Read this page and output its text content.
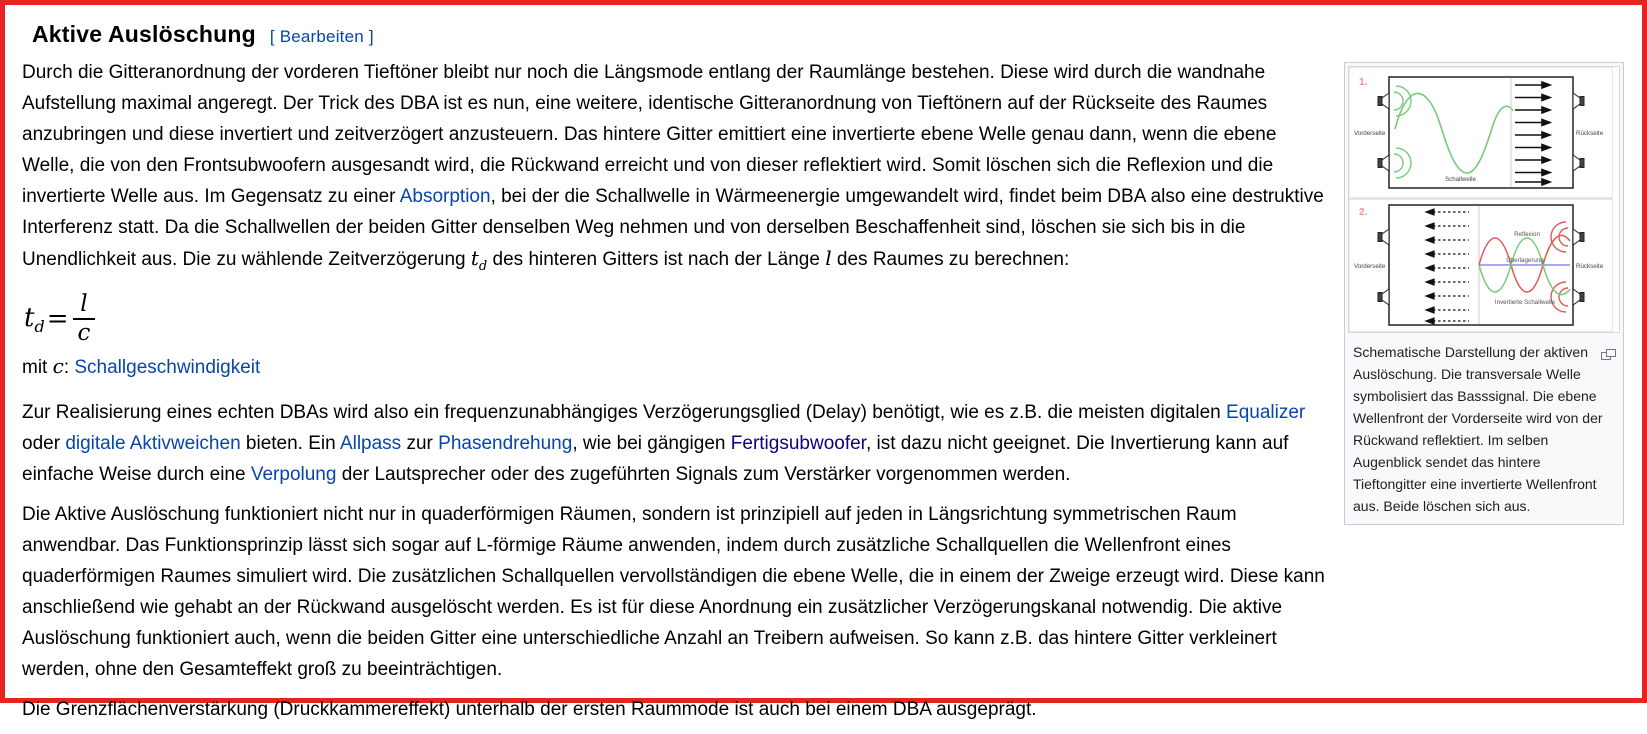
Aktive Auslöschung [ Bearbeiten ]
1.
Vorderseite	Rückseite
Schallwelle
2.
Vorderseite	Rückseite
Reflexion
Überlagerung
Invertierte Schallwelle
Schematische Darstellung der aktiven Auslöschung. Die transversale Welle symbolisiert das Basssignal. Die ebene Wellenfront der Vorderseite wird von der Rückwand reflektiert. Im selben Augenblick sendet das hintere Tieftongitter eine invertierte Wellenfront aus. Beide löschen sich aus.

Durch die Gitteranordnung der vorderen Tieftöner bleibt nur noch die Längsmode entlang der Raumlänge bestehen. Diese wird durch die wandnahe Aufstellung maximal angeregt. Der Trick des DBA ist es nun, eine weitere, identische Gitteranordnung von Tieftönern auf der Rückseite des Raumes anzubringen und diese invertiert und zeitverzögert anzusteuern. Das hintere Gitter emittiert eine invertierte ebene Welle genau dann, wenn die ebene Welle, die von den Frontsubwoofern ausgesandt wird, die Rückwand erreicht und von dieser reflektiert wird. Somit löschen sich die Reflexion und die invertierte Welle aus. Im Gegensatz zu einer Absorption, bei der die Schallwelle in Wärmeenergie umgewandelt wird, findet beim DBA also eine destruktive Interferenz statt. Da die Schallwellen der beiden Gitter denselben Weg nehmen und von derselben Beschaffenheit sind, löschen sie sich bis in die Unendlichkeit aus. Die zu wählende Zeitverzögerung $t_d$ des hinteren Gitters ist nach der Länge l des Raumes zu berechnen:

$t_d = \frac{l}{c}$

mit c: Schallgeschwindigkeit

Zur Realisierung eines echten DBAs wird also ein frequenzunabhängiges Verzögerungsglied (Delay) benötigt, wie es z.B. die meisten digitalen Equalizer oder digitale Aktivweichen bieten. Ein Allpass zur Phasendrehung, wie bei gängigen Fertigsubwoofer, ist dazu nicht geeignet. Die Invertierung kann auf einfache Weise durch eine Verpolung der Lautsprecher oder des zugeführten Signals zum Verstärker vorgenommen werden.

Die Aktive Auslöschung funktioniert nicht nur in quaderförmigen Räumen, sondern ist prinzipiell auf jeden in Längsrichtung symmetrischen Raum anwendbar. Das Funktionsprinzip lässt sich sogar auf L-förmige Räume anwenden, indem durch zusätzliche Schallquellen die Wellenfront eines quaderförmigen Raumes simuliert wird. Die zusätzlichen Schallquellen vervollständigen die ebene Welle, die in einem der Zweige erzeugt wird. Diese kann anschließend wie gehabt an der Rückwand ausgelöscht werden. Es ist für diese Anordnung ein zusätzlicher Verzögerungskanal notwendig. Die aktive Auslöschung funktioniert auch, wenn die beiden Gitter eine unterschiedliche Anzahl an Treibern aufweisen. So kann z.B. das hintere Gitter verkleinert werden, ohne den Gesamteffekt groß zu beeinträchtigen.

Die Grenzflächenverstärkung (Druckkammereffekt) unterhalb der ersten Raummode ist auch bei einem DBA ausgeprägt.
